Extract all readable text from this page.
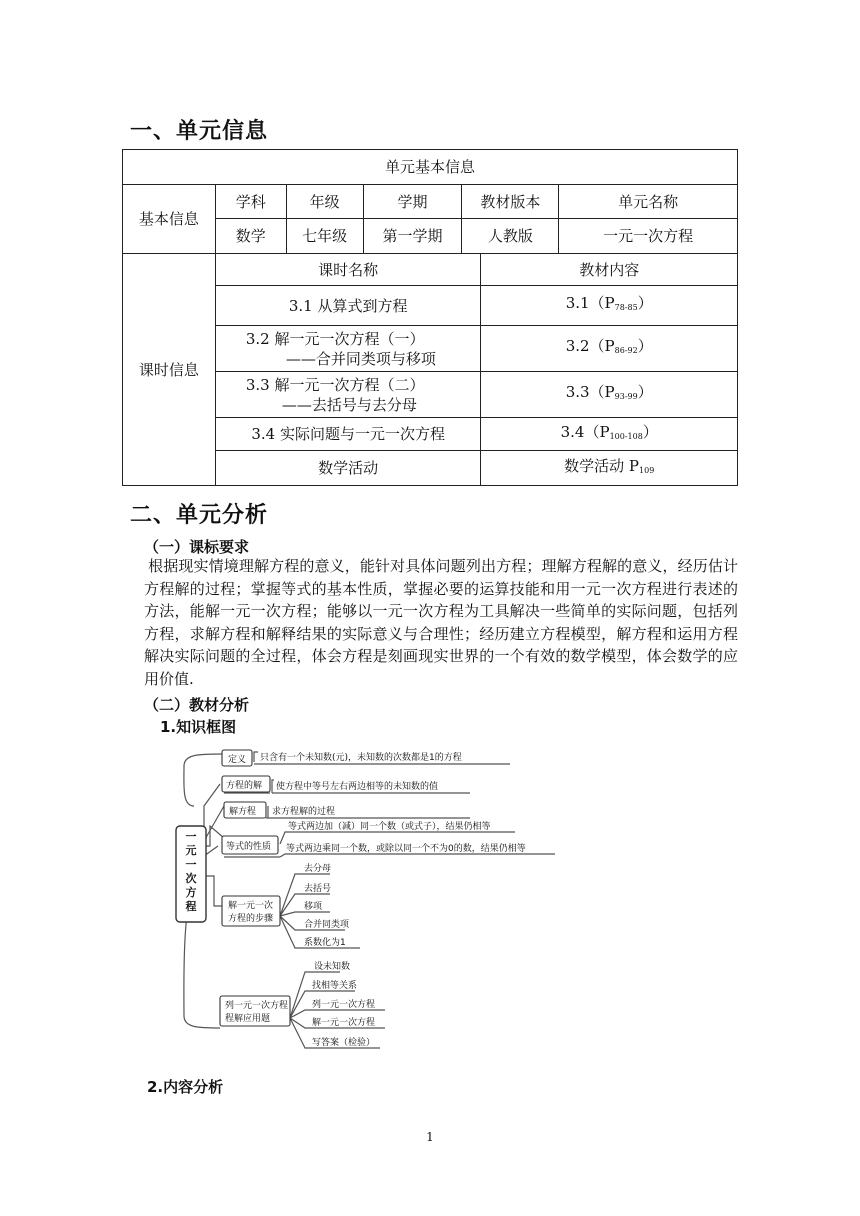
一、单元信息
单元基本信息						
基本信息	学科	年级	学期	教材版本		单元名称
	数学	七年级	第一学期	人教版		一元一次方程
课时信息	课时名称				教材内容	
	3.1 从算式到方程				$3.1(P_{78-85})$	

	3.2 解一元一次方程（一）
——合并同类项与移项				$3.2(P_{86-92})$	

	3.3 解一元一次方程（二）
——去括号与去分母				$3.3(P_{93-99})$	
	3.4 实际问题与一元一次方程				$3.4(P_{100-108})$	
	数学活动				数学活动 $P_{109}$
二、单元分析
（一）课标要求
根据现实情境理解方程的意义，能针对具体问题列出方程；理解方程解的意义，经历估计方程解的过程；掌握等式的基本性质，掌握必要的运算技能和用一元一次方程进行表述的方法，能解一元一次方程；能够以一元一次方程为工具解决一些简单的实际问题，包括列方程，求解方程和解释结果的实际意义与合理性；经历建立方程模型，解方程和运用方程解决实际问题的全过程，体会方程是刻画现实世界的一个有效的数学模型，体会数学的应用价值.
（二）教材分析
1.知识框图
一
元
一
次
方
程
定义
方程的解
解方程
等式的性质
解一元一次
方程的步骤
列一元一次方程
程解应用题
只含有一个未知数(元)，未知数的次数都是1的方程
使方程中等号左右两边相等的未知数的值
求方程解的过程
等式两边加（减）同一个数（或式子），结果仍相等
等式两边乘同一个数，或除以同一个不为0的数，结果仍相等
去分母
去括号
移项
合并同类项
系数化为1
设未知数
找相等关系
列一元一次方程
解一元一次方程
写答案（检验）
2.内容分析
1
